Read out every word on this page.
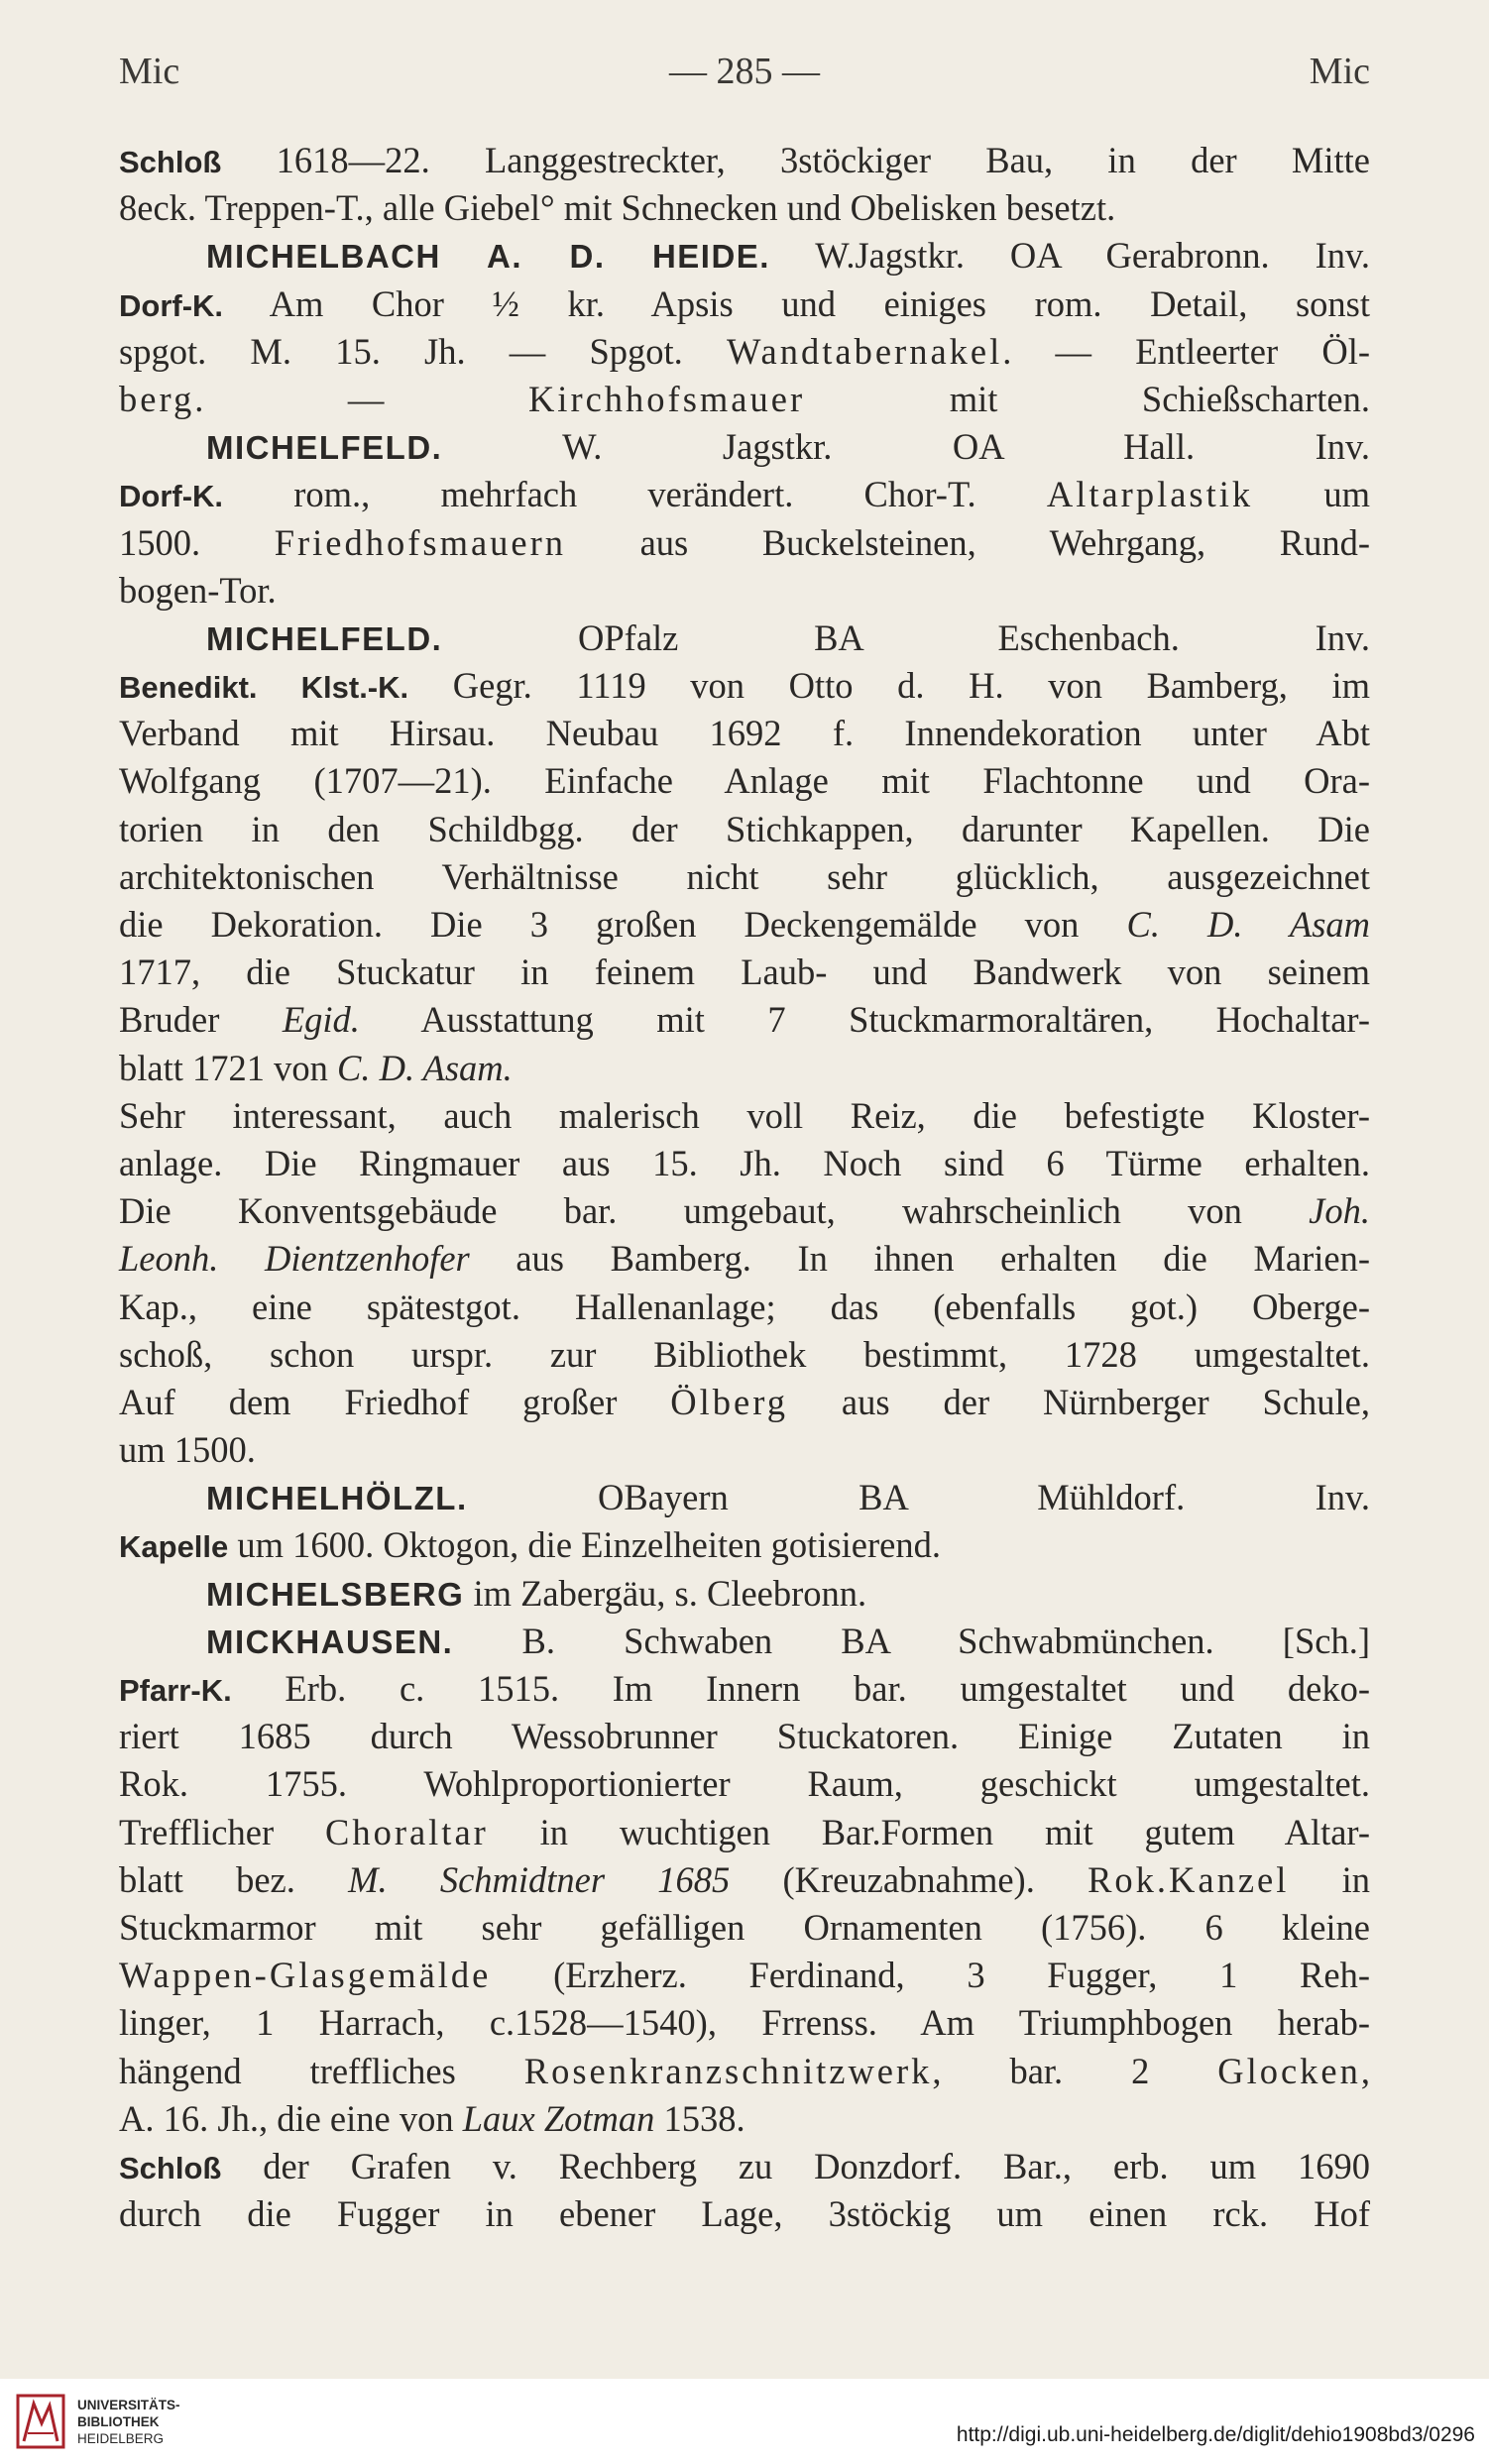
Mic	— 285 —	Mic
Schloß 1618—22. Langgestreckter, 3stöckiger Bau, in der Mitte
8eck. Treppen-T., alle Giebel° mit Schnecken und Obelisken besetzt.
MICHELBACH A. D. HEIDE. W.Jagstkr. OA Gerabronn. Inv.
Dorf-K. Am Chor ½ kr. Apsis und einiges rom. Detail, sonst
spgot. M. 15. Jh. — Spgot. Wandtabernakel. — Entleerter Öl-
berg. — Kirchhofsmauer mit Schießscharten.
MICHELFELD. W. Jagstkr. OA Hall. Inv.
Dorf-K. rom., mehrfach verändert. Chor-T. Altarplastik um
1500. Friedhofsmauern aus Buckelsteinen, Wehrgang, Rund-
bogen-Tor.
MICHELFELD. OPfalz BA Eschenbach. Inv.
Benedikt. Klst.-K. Gegr. 1119 von Otto d. H. von Bamberg, im
Verband mit Hirsau. Neubau 1692 f. Innendekoration unter Abt
Wolfgang (1707—21). Einfache Anlage mit Flachtonne und Ora-
torien in den Schildbgg. der Stichkappen, darunter Kapellen. Die
architektonischen Verhältnisse nicht sehr glücklich, ausgezeichnet
die Dekoration. Die 3 großen Deckengemälde von C. D. Asam
1717, die Stuckatur in feinem Laub- und Bandwerk von seinem
Bruder Egid. Ausstattung mit 7 Stuckmarmoraltären, Hochaltar-
blatt 1721 von C. D. Asam.
Sehr interessant, auch malerisch voll Reiz, die befestigte Kloster-
anlage. Die Ringmauer aus 15. Jh. Noch sind 6 Türme erhalten.
Die Konventsgebäude bar. umgebaut, wahrscheinlich von Joh.
Leonh. Dientzenhofer aus Bamberg. In ihnen erhalten die Marien-
Kap., eine spätestgot. Hallenanlage; das (ebenfalls got.) Oberge-
schoß, schon urspr. zur Bibliothek bestimmt, 1728 umgestaltet.
Auf dem Friedhof großer Ölberg aus der Nürnberger Schule,
um 1500.
MICHELHÖLZL. OBayern BA Mühldorf. Inv.
Kapelle um 1600. Oktogon, die Einzelheiten gotisierend.
MICHELSBERG im Zabergäu, s. Cleebronn.
MICKHAUSEN. B. Schwaben BA Schwabmünchen. [Sch.]
Pfarr-K. Erb. c. 1515. Im Innern bar. umgestaltet und deko-
riert 1685 durch Wessobrunner Stuckatoren. Einige Zutaten in
Rok. 1755. Wohlproportionierter Raum, geschickt umgestaltet.
Trefflicher Choraltar in wuchtigen Bar.Formen mit gutem Altar-
blatt bez. M. Schmidtner 1685 (Kreuzabnahme). Rok.Kanzel in
Stuckmarmor mit sehr gefälligen Ornamenten (1756). 6 kleine
Wappen-Glasgemälde (Erzherz. Ferdinand, 3 Fugger, 1 Reh-
linger, 1 Harrach, c.1528—1540), Frrenss. Am Triumphbogen herab-
hängend treffliches Rosenkranzschnitzwerk, bar. 2 Glocken,
A. 16. Jh., die eine von Laux Zotman 1538.
Schloß der Grafen v. Rechberg zu Donzdorf. Bar., erb. um 1690
durch die Fugger in ebener Lage, 3stöckig um einen rck. Hof
UNIVERSITÄTS-
BIBLIOTHEK
HEIDELBERG	http://digi.ub.uni-heidelberg.de/diglit/dehio1908bd3/0296
